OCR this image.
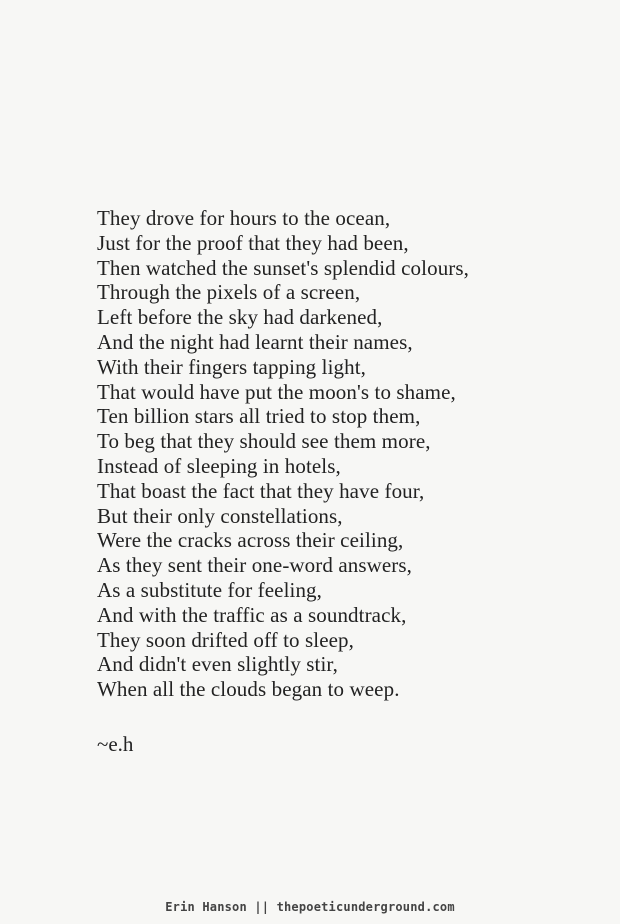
They drove for hours to the ocean,
Just for the proof that they had been,
Then watched the sunset's splendid colours,
Through the pixels of a screen,
Left before the sky had darkened,
And the night had learnt their names,
With their fingers tapping light,
That would have put the moon's to shame,
Ten billion stars all tried to stop them,
To beg that they should see them more,
Instead of sleeping in hotels,
That boast the fact that they have four,
But their only constellations,
Were the cracks across their ceiling,
As they sent their one-word answers,
As a substitute for feeling,
And with the traffic as a soundtrack,
They soon drifted off to sleep,
And didn't even slightly stir,
When all the clouds began to weep.
~e.h
Erin Hanson || thepoeticunderground.com
